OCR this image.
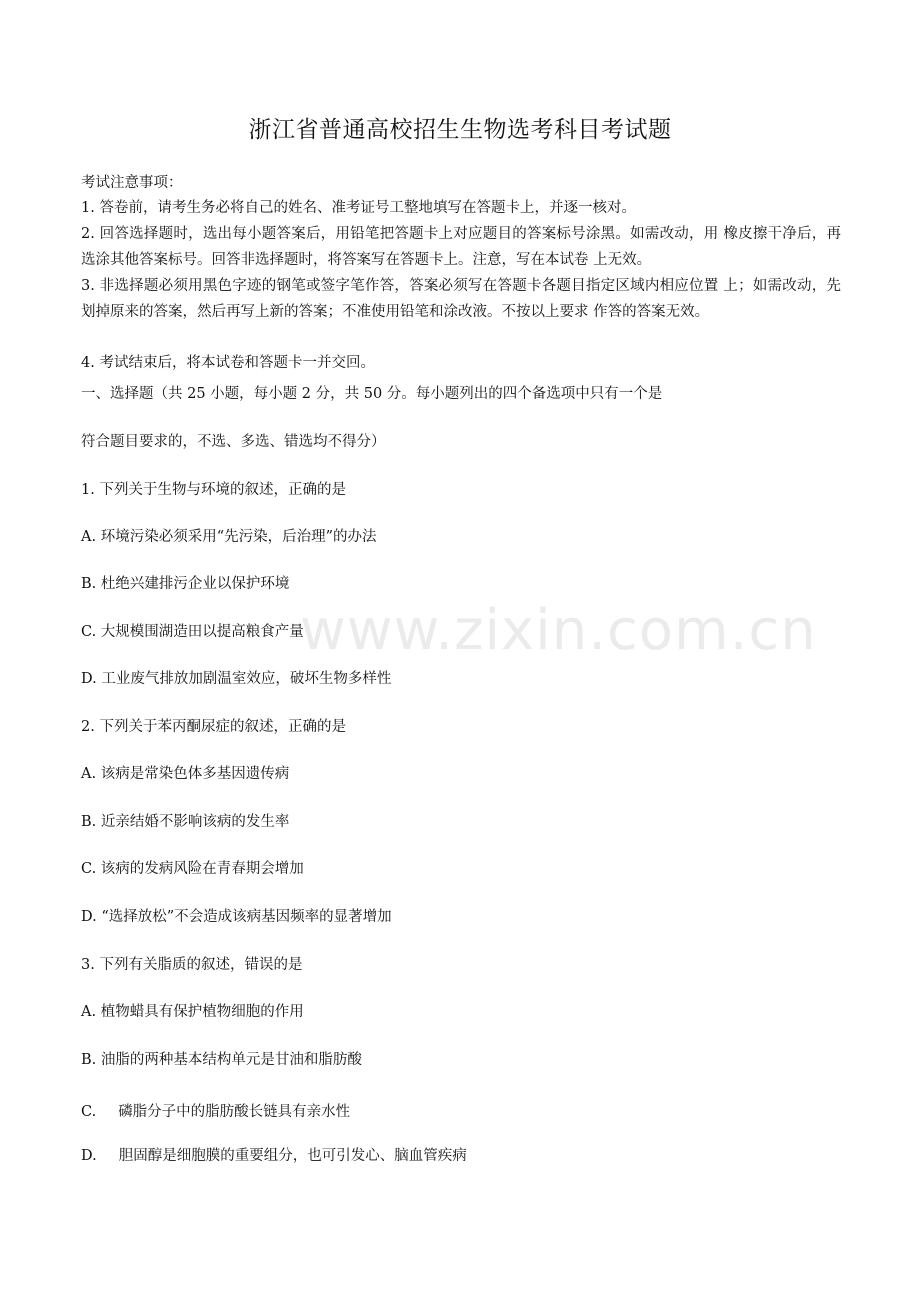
浙江省普通高校招生生物选考科目考试题
考试注意事项：
1. 答卷前，请考生务必将自己的姓名、准考证号工整地填写在答题卡上，并逐一核对。
2. 回答选择题时，选出每小题答案后，用铅笔把答题卡上对应题目的答案标号涂黑。如需改动，用 橡皮擦干净后，再选涂其他答案标号。回答非选择题时，将答案写在答题卡上。注意，写在本试卷 上无效。
3. 非选择题必须用黑色字迹的钢笔或签字笔作答，答案必须写在答题卡各题目指定区域内相应位置 上；如需改动，先划掉原来的答案，然后再写上新的答案；不准使用铅笔和涂改液。不按以上要求 作答的答案无效。
4. 考试结束后，将本试卷和答题卡一并交回。
一、选择题（共 25 小题，每小题 2 分，共 50 分。每小题列出的四个备选项中只有一个是
符合题目要求的，不选、多选、错选均不得分）
1. 下列关于生物与环境的叙述，正确的是
A. 环境污染必须采用“先污染，后治理”的办法
B. 杜绝兴建排污企业以保护环境
C. 大规模围湖造田以提高粮食产量
D. 工业废气排放加剧温室效应，破坏生物多样性
2. 下列关于苯丙酮尿症的叙述，正确的是
A. 该病是常染色体多基因遗传病
B. 近亲结婚不影响该病的发生率
C. 该病的发病风险在青春期会增加
D. “选择放松”不会造成该病基因频率的显著增加
3. 下列有关脂质的叙述，错误的是
A. 植物蜡具有保护植物细胞的作用
B. 油脂的两种基本结构单元是甘油和脂肪酸
C. 磷脂分子中的脂肪酸长链具有亲水性
D. 胆固醇是细胞膜的重要组分，也可引发心、脑血管疾病
www.zixin.com.cn
